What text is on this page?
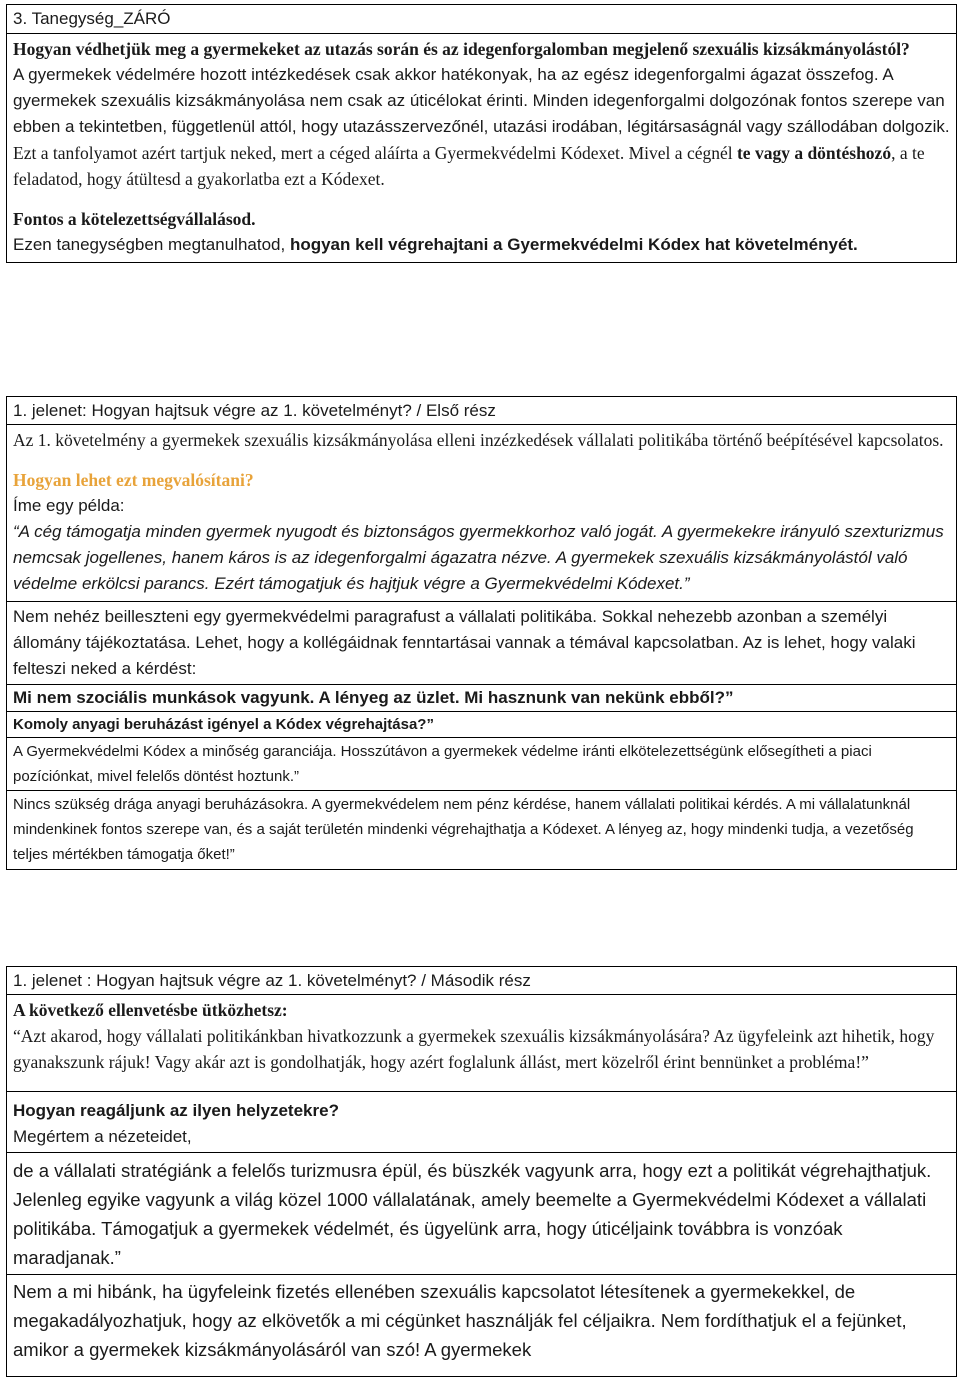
3. Tanegység_ZÁRÓ

Hogyan védhetjük meg a gyermekeket az utazás során és az idegenforgalomban megjelenő szexuális kizsákmányolástól?

A gyermekek védelmére hozott intézkedések csak akkor hatékonyak, ha az egész idegenforgalmi ágazat összefog. A gyermekek szexuális kizsákmányolása nem csak az úticélokat érinti. Minden idegenforgalmi dolgozónak fontos szerepe van ebben a tekintetben, függetlenül attól, hogy utazásszervezőnél, utazási irodában, légitársaságnál vagy szállodában dolgozik.

Ezt a tanfolyamot azért tartjuk neked, mert a céged aláírta a Gyermekvédelmi Kódexet. Mivel a cégnél te vagy a döntéshozó, a te feladatod, hogy átültesd a gyakorlatba ezt a Kódexet.

Fontos a kötelezettségvállalásod.

Ezen tanegységben megtanulhatod, hogyan kell végrehajtani a Gyermekvédelmi Kódex hat követelményét.

1. jelenet: Hogyan hajtsuk végre az 1. követelményt? / Első rész

Az 1. követelmény a gyermekek szexuális kizsákmányolása elleni inzézkedések vállalati politikába történő beépítésével kapcsolatos.

Hogyan lehet ezt megvalósítani?

Íme egy példa:

“A cég támogatja minden gyermek nyugodt és biztonságos gyermekkorhoz való jogát. A gyermekekre irányuló szexturizmus nemcsak jogellenes, hanem káros is az idegenforgalmi ágazatra nézve. A gyermekek szexuális kizsákmányolástól való védelme erkölcsi parancs. Ezért támogatjuk és hajtjuk végre a Gyermekvédelmi Kódexet.”

Nem nehéz beilleszteni egy gyermekvédelmi paragrafust a vállalati politikába. Sokkal nehezebb azonban a személyi állomány tájékoztatása. Lehet, hogy a kollégáidnak fenntartásai vannak a témával kapcsolatban. Az is lehet, hogy valaki felteszi neked a kérdést:

Mi nem szociális munkások vagyunk. A lényeg az üzlet. Mi hasznunk van nekünk ebből?”
Komoly anyagi beruházást igényel a Kódex végrehajtása?”
A Gyermekvédelmi Kódex a minőség garanciája. Hosszútávon a gyermekek védelme iránti elkötelezettségünk elősegítheti a piaci pozíciónkat, mivel felelős döntést hoztunk.”
Nincs szükség drága anyagi beruházásokra. A gyermekvédelem nem pénz kérdése, hanem vállalati politikai kérdés. A mi vállalatunknál mindenkinek fontos szerepe van, és a saját területén mindenki végrehajthatja a Kódexet. A lényeg az, hogy mindenki tudja, a vezetőség teljes mértékben támogatja őket!”
1. jelenet : Hogyan hajtsuk végre az 1. követelményt? / Második rész

A következő ellenvetésbe ütközhetsz:

“Azt akarod, hogy vállalati politikánkban hivatkozzunk a gyermekek szexuális kizsákmányolására? Az ügyfeleink azt hihetik, hogy gyanakszunk rájuk! Vagy akár azt is gondolhatják, hogy azért foglalunk állást, mert közelről érint bennünket a probléma!”

Hogyan reagáljunk az ilyen helyzetekre?

Megértem a nézeteidet,

de a vállalati stratégiánk a felelős turizmusra épül, és büszkék vagyunk arra, hogy ezt a politikát végrehajthatjuk. Jelenleg egyike vagyunk a világ közel 1000 vállalatának, amely beemelte a Gyermekvédelmi Kódexet a vállalati politikába. Támogatjuk a gyermekek védelmét, és ügyelünk arra, hogy úticéljaink továbbra is vonzóak maradjanak.”
Nem a mi hibánk, ha ügyfeleink fizetés ellenében szexuális kapcsolatot létesítenek a gyermekekkel, de megakadályozhatjuk, hogy az elkövetők a mi cégünket használják fel céljaikra. Nem fordíthatjuk el a fejünket, amikor a gyermekek kizsákmányolásáról van szó! A gyermekek
